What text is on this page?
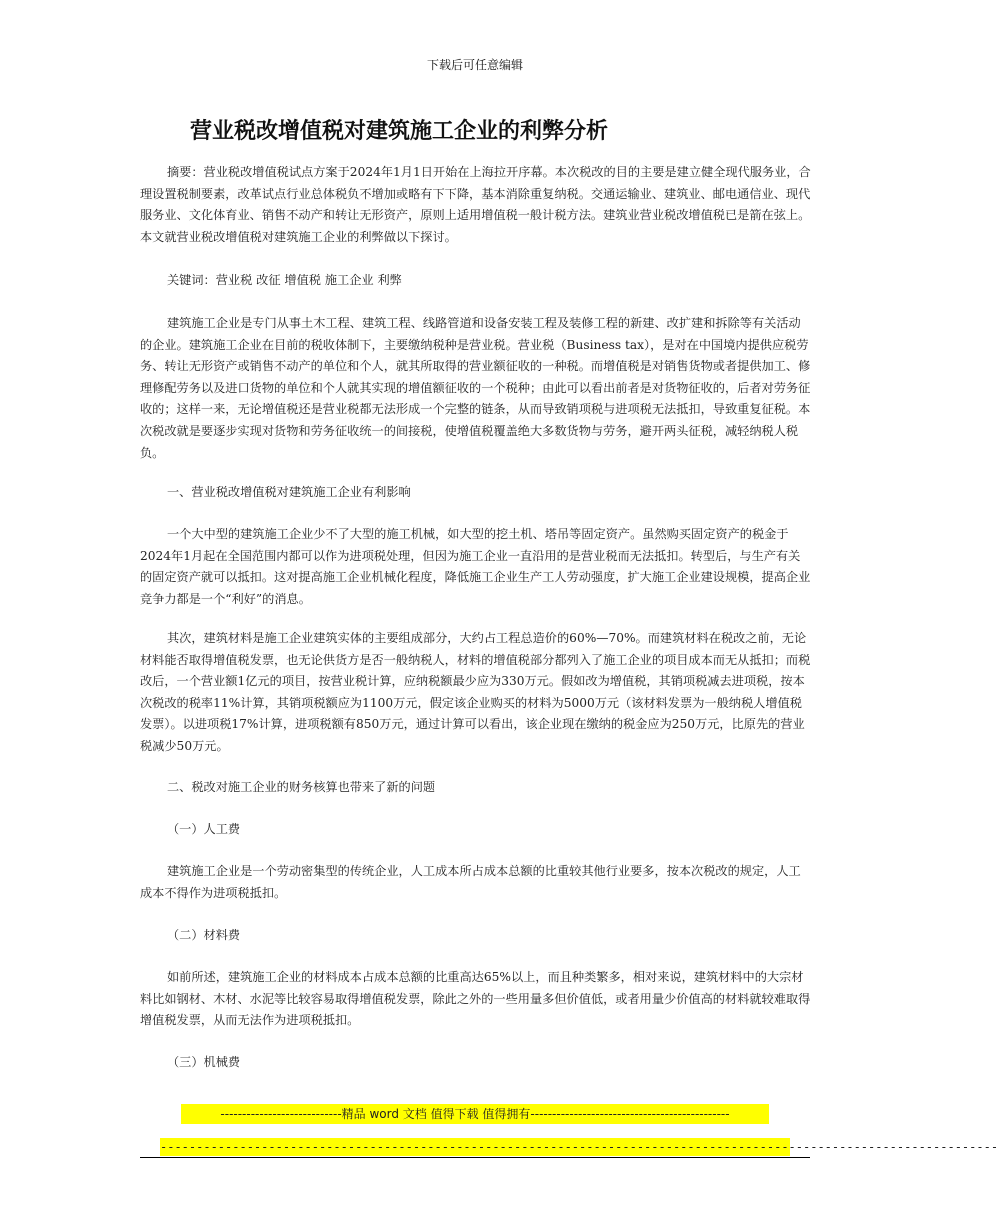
下载后可任意编辑
营业税改增值税对建筑施工企业的利弊分析

摘要：营业税改增值税试点方案于2024年1月1日开始在上海拉开序幕。本次税改的目的主要是建立健全现代服务业，合理设置税制要素，改革试点行业总体税负不增加或略有下下降，基本消除重复纳税。交通运输业、建筑业、邮电通信业、现代服务业、文化体育业、销售不动产和转让无形资产，原则上适用增值税一般计税方法。建筑业营业税改增值税已是箭在弦上。本文就营业税改增值税对建筑施工企业的利弊做以下探讨。

关键词：营业税 改征 增值税 施工企业 利弊

建筑施工企业是专门从事土木工程、建筑工程、线路管道和设备安装工程及装修工程的新建、改扩建和拆除等有关活动的企业。建筑施工企业在目前的税收体制下，主要缴纳税种是营业税。营业税（Business tax），是对在中国境内提供应税劳务、转让无形资产或销售不动产的单位和个人，就其所取得的营业额征收的一种税。而增值税是对销售货物或者提供加工、修理修配劳务以及进口货物的单位和个人就其实现的增值额征收的一个税种；由此可以看出前者是对货物征收的，后者对劳务征收的；这样一来，无论增值税还是营业税都无法形成一个完整的链条，从而导致销项税与进项税无法抵扣，导致重复征税。本次税改就是要逐步实现对货物和劳务征收统一的间接税，使增值税覆盖绝大多数货物与劳务，避开两头征税，减轻纳税人税负。

一、营业税改增值税对建筑施工企业有利影响

一个大中型的建筑施工企业少不了大型的施工机械，如大型的挖土机、塔吊等固定资产。虽然购买固定资产的税金于2024年1月起在全国范围内都可以作为进项税处理，但因为施工企业一直沿用的是营业税而无法抵扣。转型后，与生产有关的固定资产就可以抵扣。这对提高施工企业机械化程度，降低施工企业生产工人劳动强度，扩大施工企业建设规模，提高企业竞争力都是一个“利好”的消息。

其次，建筑材料是施工企业建筑实体的主要组成部分，大约占工程总造价的60%—70%。而建筑材料在税改之前，无论材料能否取得增值税发票，也无论供货方是否一般纳税人，材料的增值税部分都列入了施工企业的项目成本而无从抵扣；而税改后，一个营业额1亿元的项目，按营业税计算，应纳税额最少应为330万元。假如改为增值税，其销项税减去进项税，按本次税改的税率11%计算，其销项税额应为1100万元，假定该企业购买的材料为5000万元（该材料发票为一般纳税人增值税发票）。以进项税17%计算，进项税额有850万元，通过计算可以看出，该企业现在缴纳的税金应为250万元，比原先的营业税减少50万元。

二、税改对施工企业的财务核算也带来了新的问题
（一）人工费

建筑施工企业是一个劳动密集型的传统企业，人工成本所占成本总额的比重较其他行业要多，按本次税改的规定，人工成本不得作为进项税抵扣。

（二）材料费

如前所述，建筑施工企业的材料成本占成本总额的比重高达65%以上，而且种类繁多，相对来说，建筑材料中的大宗材料比如钢材、木材、水泥等比较容易取得增值税发票，除此之外的一些用量多但价值低，或者用量少价值高的材料就较难取得增值税发票，从而无法作为进项税抵扣。

（三）机械费
----------------------------精品 word 文档 值得下载 值得拥有----------------------------------------------
--------------------------------------------------------------------------------------------------------------------
